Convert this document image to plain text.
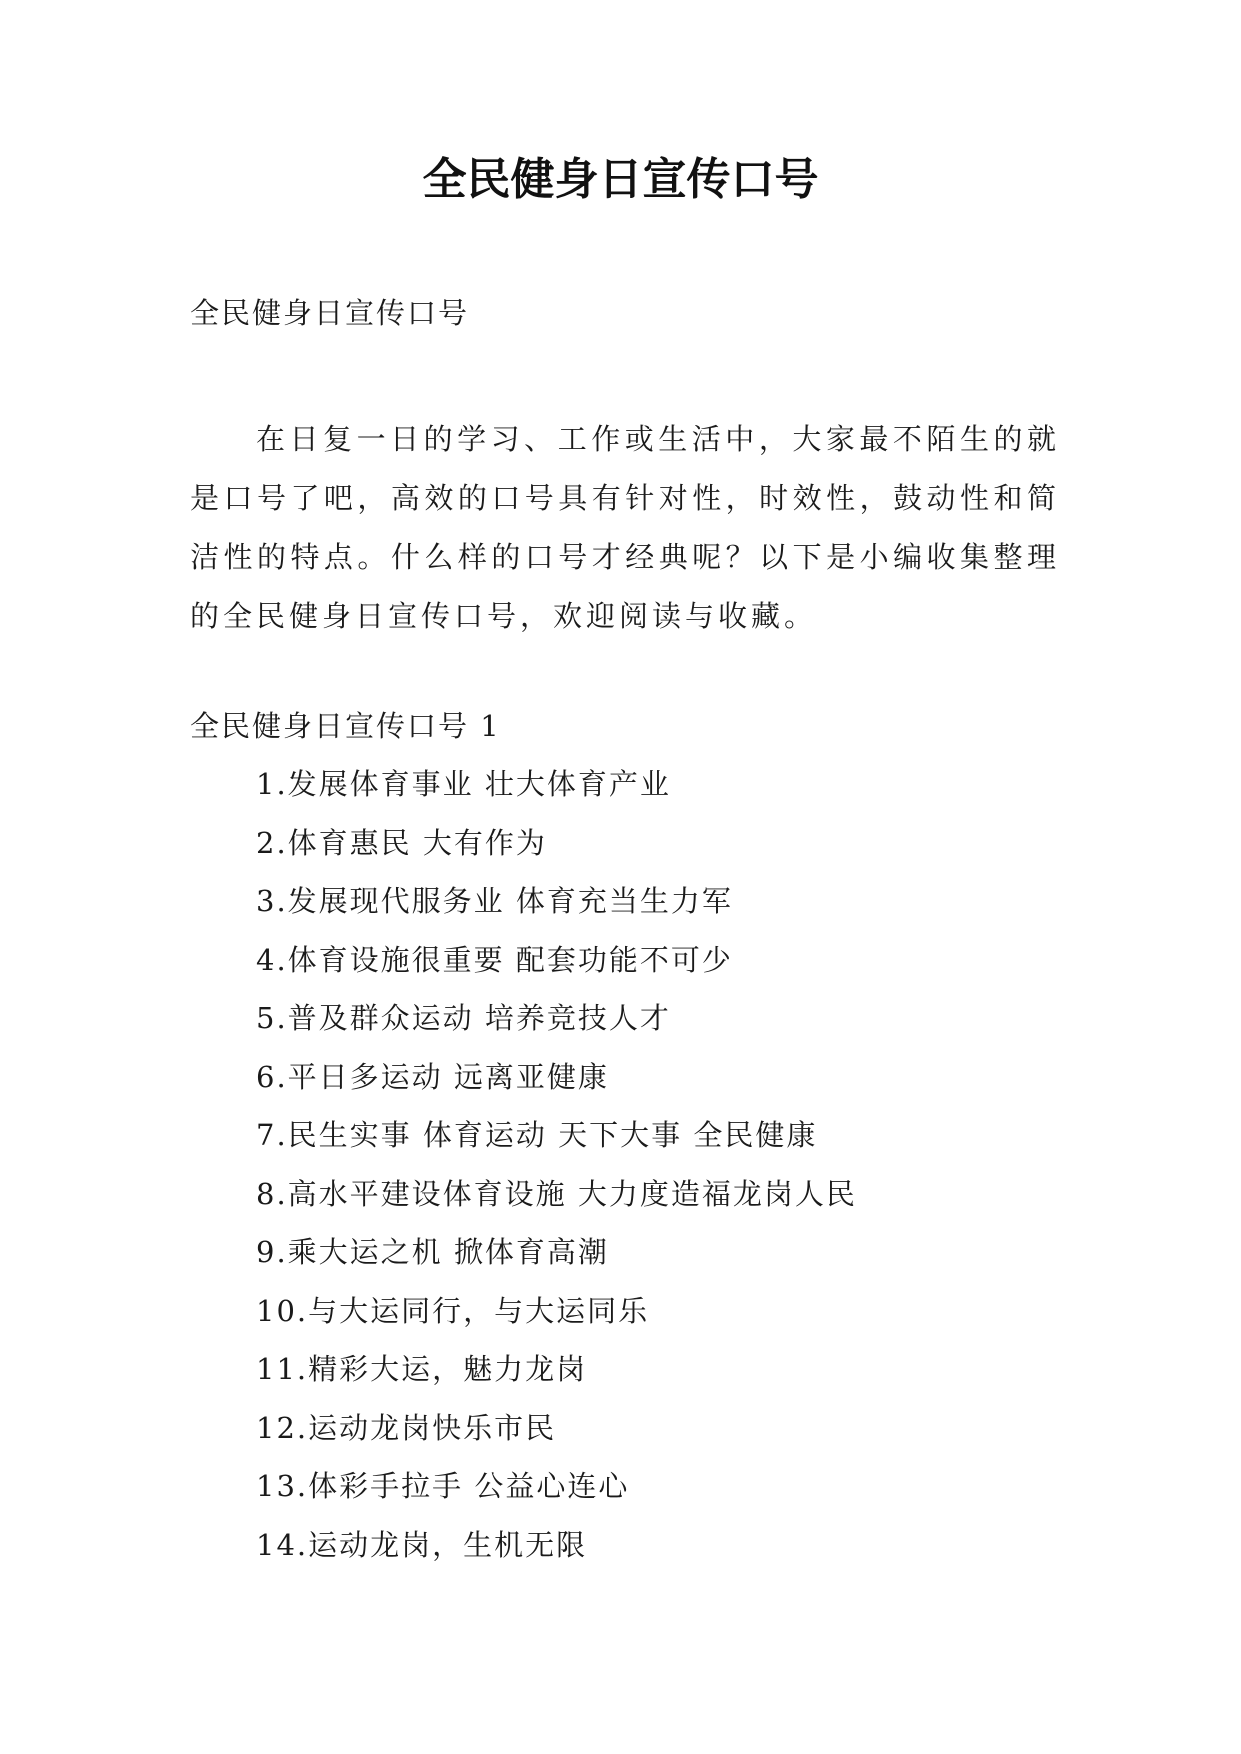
全民健身日宣传口号

全民健身日宣传口号

在日复一日的学习、工作或生活中，大家最不陌生的就是口号了吧，高效的口号具有针对性，时效性，鼓动性和简洁性的特点。什么样的口号才经典呢？以下是小编收集整理的全民健身日宣传口号，欢迎阅读与收藏。

全民健身日宣传口号 1

1.发展体育事业 壮大体育产业
2.体育惠民 大有作为
3.发展现代服务业 体育充当生力军
4.体育设施很重要 配套功能不可少
5.普及群众运动 培养竞技人才
6.平日多运动 远离亚健康
7.民生实事 体育运动 天下大事 全民健康
8.高水平建设体育设施 大力度造福龙岗人民
9.乘大运之机 掀体育高潮
10.与大运同行，与大运同乐
11.精彩大运，魅力龙岗
12.运动龙岗快乐市民
13.体彩手拉手 公益心连心
14.运动龙岗，生机无限
